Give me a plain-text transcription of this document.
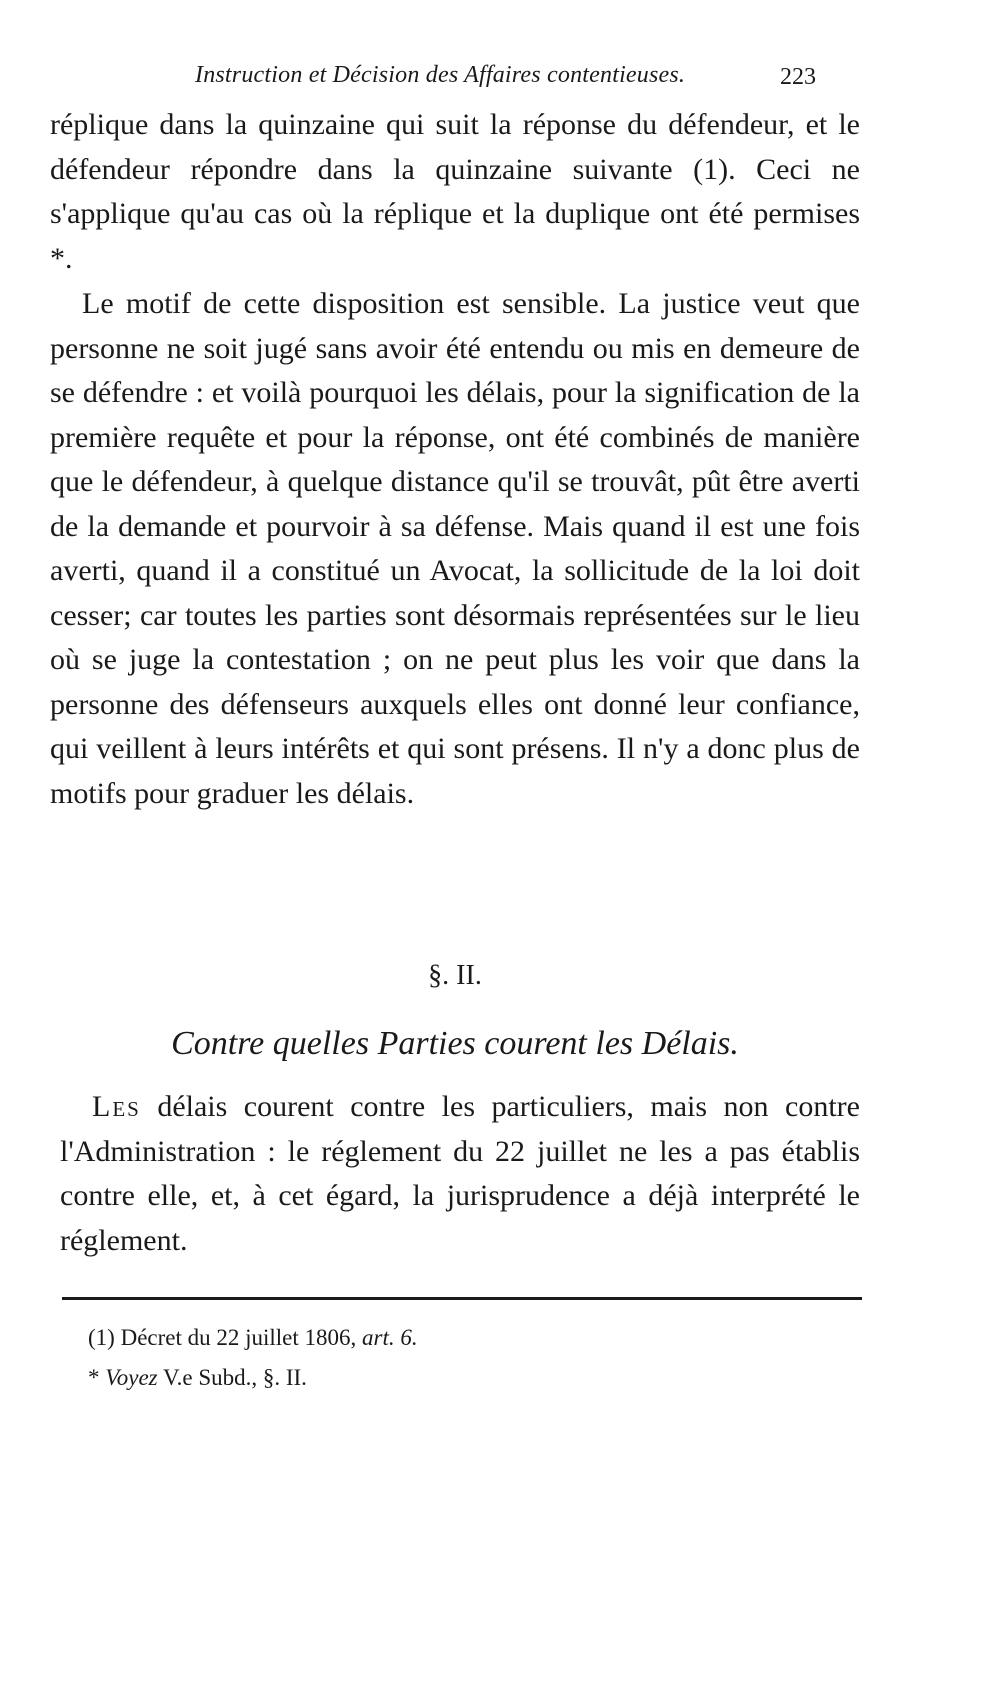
Instruction et Décision des Affaires contentieuses.	223

réplique dans la quinzaine qui suit la réponse du défendeur, et le défendeur répondre dans la quinzaine suivante (1). Ceci ne s'applique qu'au cas où la réplique et la duplique ont été permises *.

Le motif de cette disposition est sensible. La justice veut que personne ne soit jugé sans avoir été entendu ou mis en demeure de se défendre : et voilà pourquoi les délais, pour la signification de la première requête et pour la réponse, ont été combinés de manière que le défendeur, à quelque distance qu'il se trouvât, pût être averti de la demande et pourvoir à sa défense. Mais quand il est une fois averti, quand il a constitué un Avocat, la sollicitude de la loi doit cesser; car toutes les parties sont désormais représentées sur le lieu où se juge la contestation ; on ne peut plus les voir que dans la personne des défenseurs auxquels elles ont donné leur confiance, qui veillent à leurs intérêts et qui sont présens. Il n'y a donc plus de motifs pour graduer les délais.

§. II.
Contre quelles Parties courent les Délais.

Les délais courent contre les particuliers, mais non contre l'Administration : le réglement du 22 juillet ne les a pas établis contre elle, et, à cet égard, la jurisprudence a déjà interprété le réglement.

(1) Décret du 22 juillet 1806, art. 6.
* Voyez V.e Subd., §. II.
